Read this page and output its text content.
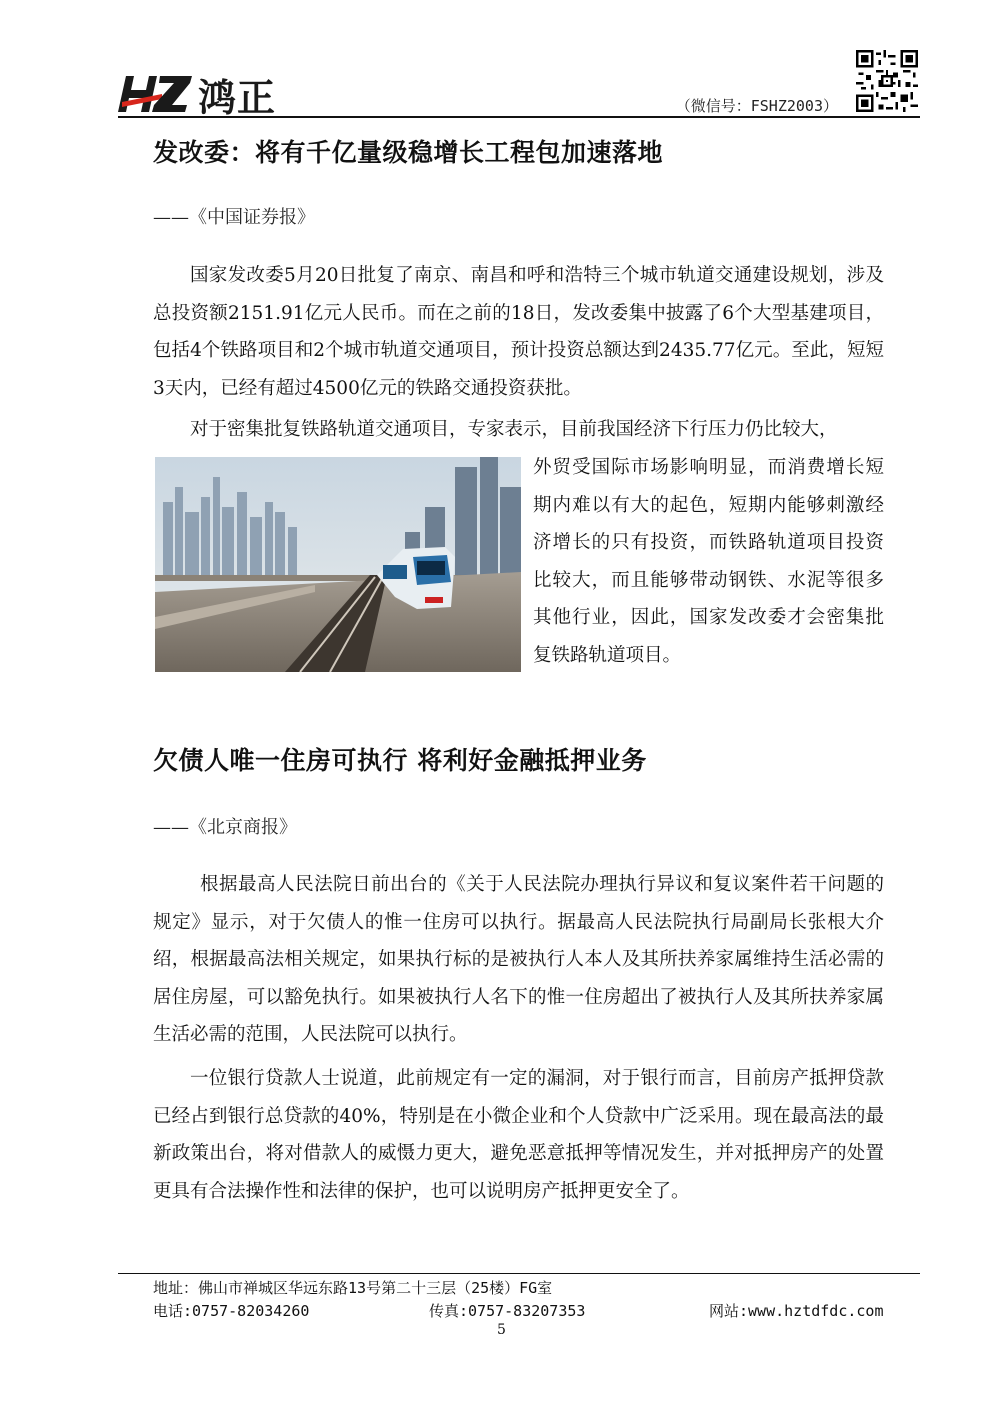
鸿正	（微信号：FSHZ2003）
发改委：将有千亿量级稳增长工程包加速落地
——《中国证券报》

国家发改委5月20日批复了南京、南昌和呼和浩特三个城市轨道交通建设规划，涉及总投资额2151.91亿元人民币。而在之前的18日，发改委集中披露了6个大型基建项目，包括4个铁路项目和2个城市轨道交通项目，预计投资总额达到2435.77亿元。至此，短短3天内，已经有超过4500亿元的铁路交通投资获批。

对于密集批复铁路轨道交通项目，专家表示，目前我国经济下行压力仍比较大，

外贸受国际市场影响明显，而消费增长短期内难以有大的起色，短期内能够刺激经济增长的只有投资，而铁路轨道项目投资比较大，而且能够带动钢铁、水泥等很多其他行业，因此，国家发改委才会密集批复铁路轨道项目。

欠债人唯一住房可执行 将利好金融抵押业务
——《北京商报》

根据最高人民法院日前出台的《关于人民法院办理执行异议和复议案件若干问题的规定》显示，对于欠债人的惟一住房可以执行。据最高人民法院执行局副局长张根大介绍，根据最高法相关规定，如果执行标的是被执行人本人及其所扶养家属维持生活必需的居住房屋，可以豁免执行。如果被执行人名下的惟一住房超出了被执行人及其所扶养家属生活必需的范围，人民法院可以执行。

一位银行贷款人士说道，此前规定有一定的漏洞，对于银行而言，目前房产抵押贷款已经占到银行总贷款的40%，特别是在小微企业和个人贷款中广泛采用。现在最高法的最新政策出台，将对借款人的威慑力更大，避免恶意抵押等情况发生，并对抵押房产的处置更具有合法操作性和法律的保护，也可以说明房产抵押更安全了。

地址：佛山市禅城区华远东路13号第二十三层（25楼）FG室
电话:0757-82034260	传真:0757-83207353	网站:www.hztdfdc.com
5
